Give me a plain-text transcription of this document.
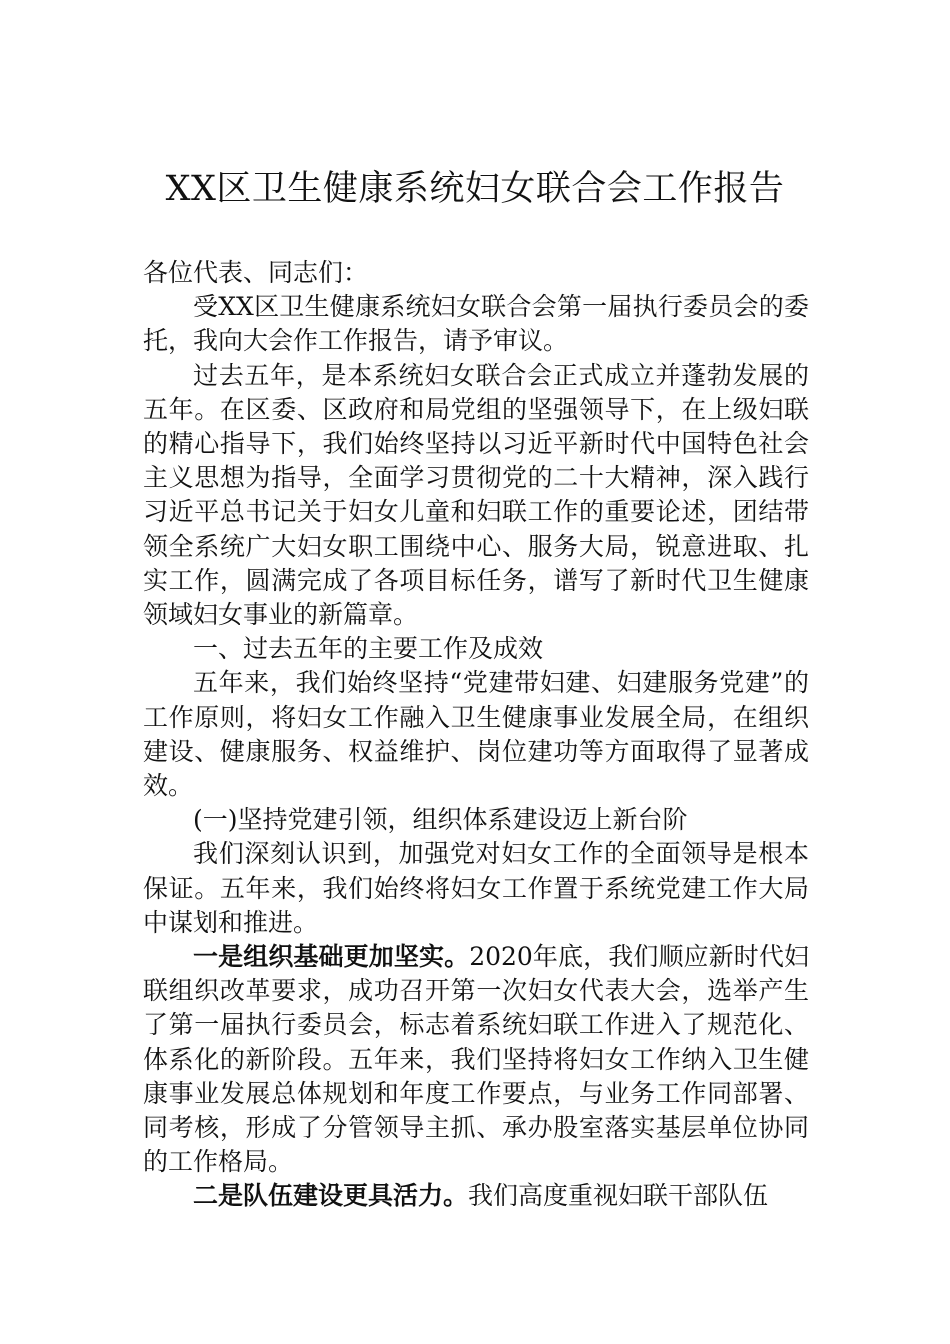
XX区卫生健康系统妇女联合会工作报告

各位代表、同志们：

受XX区卫生健康系统妇女联合会第一届执行委员会的委托，我向大会作工作报告，请予审议。

过去五年，是本系统妇女联合会正式成立并蓬勃发展的五年。在区委、区政府和局党组的坚强领导下，在上级妇联的精心指导下，我们始终坚持以习近平新时代中国特色社会主义思想为指导，全面学习贯彻党的二十大精神，深入践行习近平总书记关于妇女儿童和妇联工作的重要论述，团结带领全系统广大妇女职工围绕中心、服务大局，锐意进取、扎实工作，圆满完成了各项目标任务，谱写了新时代卫生健康领域妇女事业的新篇章。

一、过去五年的主要工作及成效

五年来，我们始终坚持“党建带妇建、妇建服务党建”的工作原则，将妇女工作融入卫生健康事业发展全局，在组织建设、健康服务、权益维护、岗位建功等方面取得了显著成效。

(一)坚持党建引领，组织体系建设迈上新台阶

我们深刻认识到，加强党对妇女工作的全面领导是根本保证。五年来，我们始终将妇女工作置于系统党建工作大局中谋划和推进。

一是组织基础更加坚实。2020年底，我们顺应新时代妇联组织改革要求，成功召开第一次妇女代表大会，选举产生了第一届执行委员会，标志着系统妇联工作进入了规范化、体系化的新阶段。五年来，我们坚持将妇女工作纳入卫生健康事业发展总体规划和年度工作要点，与业务工作同部署、同考核，形成了分管领导主抓、承办股室落实基层单位协同的工作格局。

二是队伍建设更具活力。我们高度重视妇联干部队伍
